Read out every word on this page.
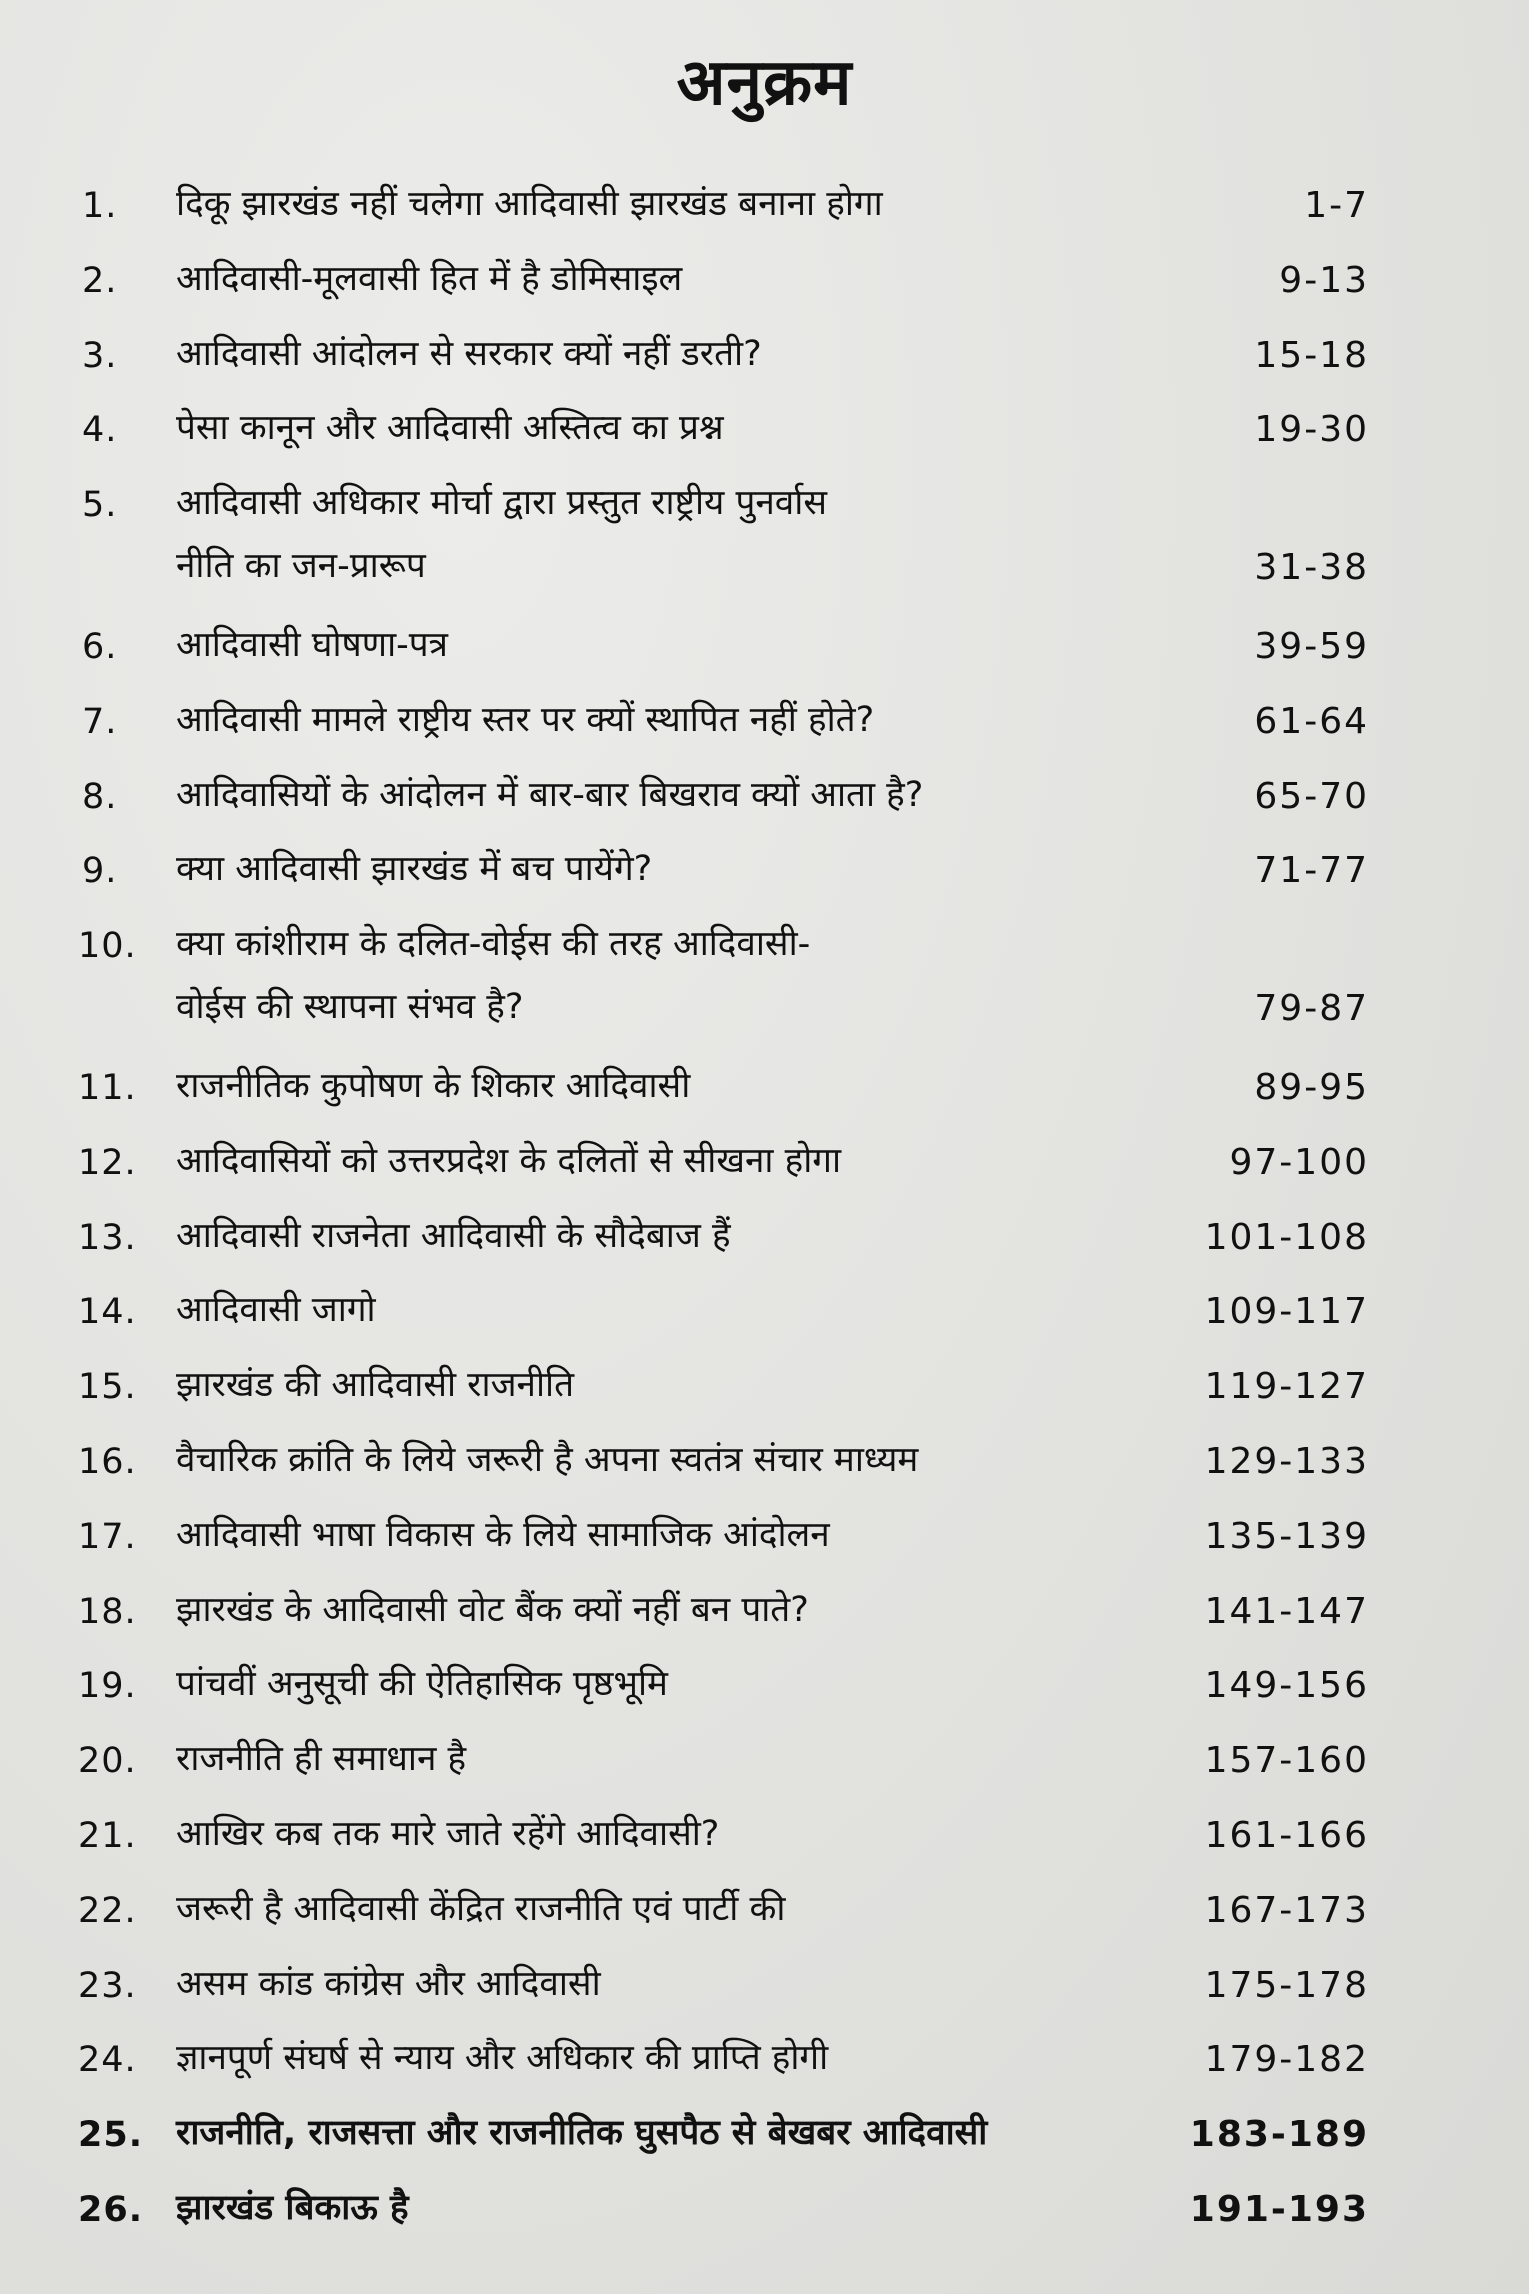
अनुक्रम
1.	दिकू झारखंड नहीं चलेगा आदिवासी झारखंड बनाना होगा	1-7
2.	आदिवासी-मूलवासी हित में है डोमिसाइल	9-13
3.	आदिवासी आंदोलन से सरकार क्यों नहीं डरती?	15-18
4.	पेसा कानून और आदिवासी अस्तित्व का प्रश्न	19-30
5.	आदिवासी अधिकार मोर्चा द्वारा प्रस्तुत राष्ट्रीय पुनर्वास
नीति का जन-प्रारूप	31-38
6.	आदिवासी घोषणा-पत्र	39-59
7.	आदिवासी मामले राष्ट्रीय स्तर पर क्यों स्थापित नहीं होते?	61-64
8.	आदिवासियों के आंदोलन में बार-बार बिखराव क्यों आता है?	65-70
9.	क्या आदिवासी झारखंड में बच पायेंगे?	71-77
10.	क्या कांशीराम के दलित-वोईस की तरह आदिवासी-
वोईस की स्थापना संभव है?	79-87
11.	राजनीतिक कुपोषण के शिकार आदिवासी	89-95
12.	आदिवासियों को उत्तरप्रदेश के दलितों से सीखना होगा	97-100
13.	आदिवासी राजनेता आदिवासी के सौदेबाज हैं	101-108
14.	आदिवासी जागो	109-117
15.	झारखंड की आदिवासी राजनीति	119-127
16.	वैचारिक क्रांति के लिये जरूरी है अपना स्वतंत्र संचार माध्यम	129-133
17.	आदिवासी भाषा विकास के लिये सामाजिक आंदोलन	135-139
18.	झारखंड के आदिवासी वोट बैंक क्यों नहीं बन पाते?	141-147
19.	पांचवीं अनुसूची की ऐतिहासिक पृष्ठभूमि	149-156
20.	राजनीति ही समाधान है	157-160
21.	आखिर कब तक मारे जाते रहेंगे आदिवासी?	161-166
22.	जरूरी है आदिवासी केंद्रित राजनीति एवं पार्टी की	167-173
23.	असम कांड कांग्रेस और आदिवासी	175-178
24.	ज्ञानपूर्ण संघर्ष से न्याय और अधिकार की प्राप्ति होगी	179-182
25. राजनीति, राजसत्ता और राजनीतिक घुसपैठ से बेखबर आदिवासी	183-189
26. झारखंड बिकाऊ है	191-193
